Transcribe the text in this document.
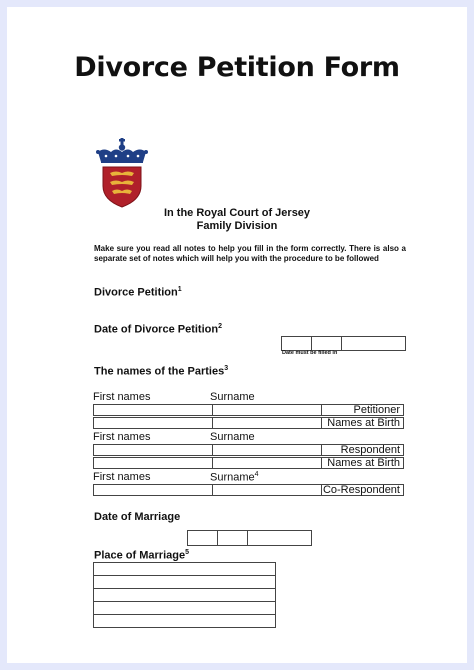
Divorce Petition Form
In the Royal Court of Jersey
Family Division
Make sure you read all notes to help you fill in the form correctly. There is also a separate set of notes which will help you with the procedure to be followed
Divorce Petition$^1$
Date of Divorce Petition$^2$
Date must be filled in
The names of the Parties$^3$
First names	Surname
Petitioner
Names at Birth
First names	Surname
Respondent
Names at Birth
First names	Surname$^4$
Co-Respondent
Date of Marriage
Place of Marriage$^5$
